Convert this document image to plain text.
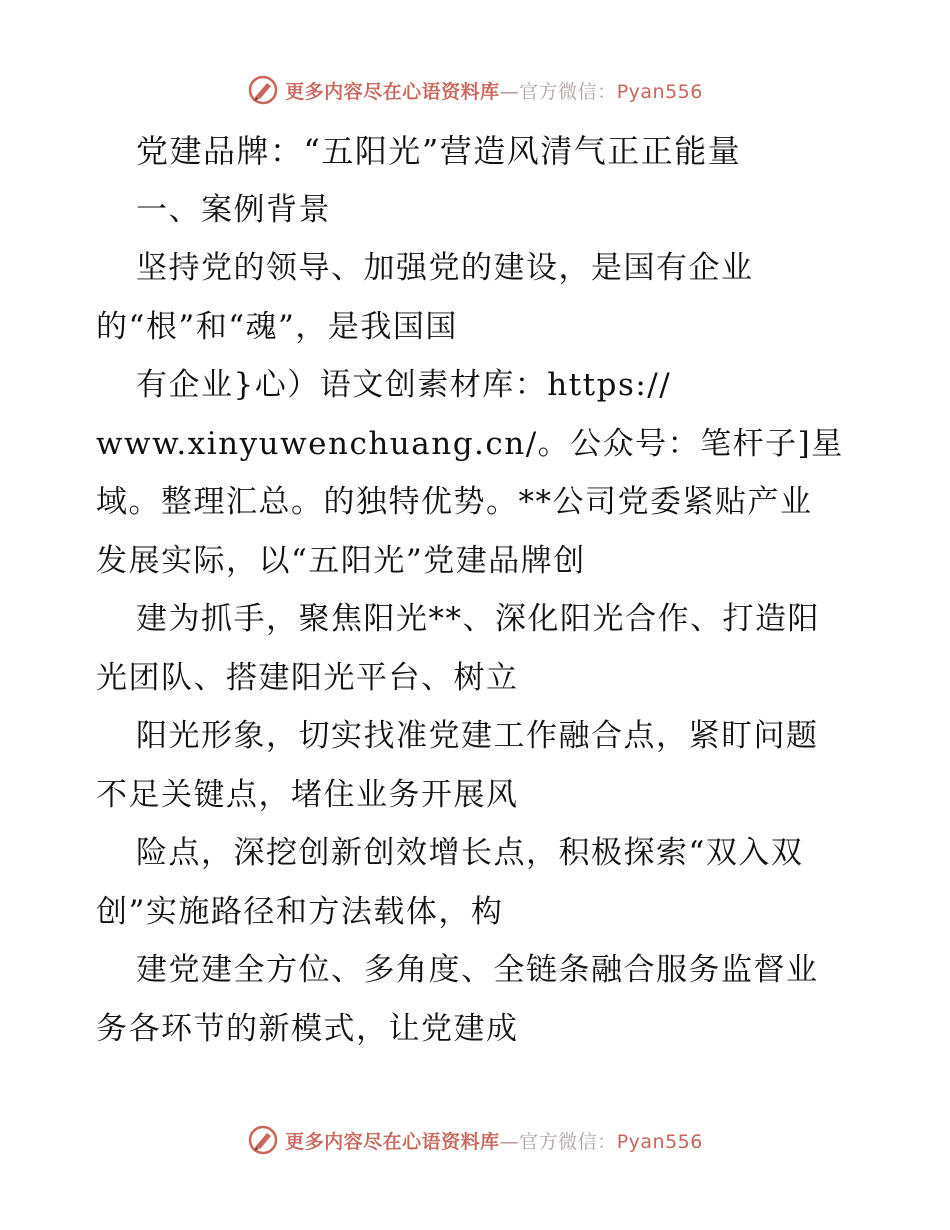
更多内容尽在心语资料库—官方微信：Pyan556
党建品牌：“五阳光”营造风清气正正能量
一、案例背景
坚持党的领导、加强党的建设，是国有企业
的“根”和“魂”，是我国国
有企业}心）语文创素材库：https://
www.xinyuwenchuang.cn/。公众号：笔杆子]星
域。整理汇总。的独特优势。**公司党委紧贴产业
发展实际，以“五阳光”党建品牌创
建为抓手，聚焦阳光**、深化阳光合作、打造阳
光团队、搭建阳光平台、树立
阳光形象，切实找准党建工作融合点，紧盯问题
不足关键点，堵住业务开展风
险点，深挖创新创效增长点，积极探索“双入双
创”实施路径和方法载体，构
建党建全方位、多角度、全链条融合服务监督业
务各环节的新模式，让党建成
更多内容尽在心语资料库—官方微信：Pyan556
